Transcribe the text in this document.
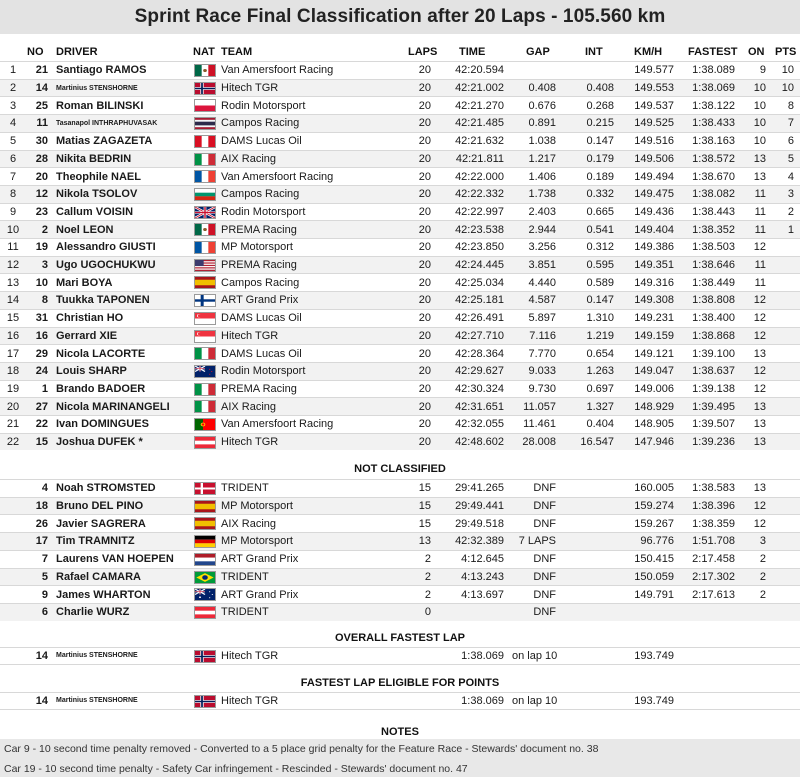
Sprint Race Final Classification after 20 Laps - 105.560 km
NO	DRIVER	NAT TEAM	LAPS TIME	GAP	INT	KM/H	FASTEST ON PTS
1	21 Santiago RAMOS	Van Amersfoort Racing	20	42:20.594	149.577	1:38.089	9	10
2	14 Martinius STENSHORNE	Hitech TGR	20	42:21.002	0.408	0.408	149.553	1:38.069	10	10
3	25 Roman BILINSKI	Rodin Motorsport	20	42:21.270	0.676	0.268	149.537	1:38.122	10	8
4	11 Tasanapol INTHRAPHUVASAK	Campos Racing	20	42:21.485	0.891	0.215	149.525	1:38.433	10	7
5	30 Matias ZAGAZETA	DAMS Lucas Oil	20	42:21.632	1.038	0.147	149.516	1:38.163	10	6
6	28 Nikita BEDRIN	AIX Racing	20	42:21.811	1.217	0.179	149.506	1:38.572	13	5
7	20 Theophile NAEL	Van Amersfoort Racing	20	42:22.000	1.406	0.189	149.494	1:38.670	13	4
8	12 Nikola TSOLOV	Campos Racing	20	42:22.332	1.738	0.332	149.475	1:38.082	11	3
9	23 Callum VOISIN	Rodin Motorsport	20	42:22.997	2.403	0.665	149.436	1:38.443	11	2
10	2 Noel LEON	PREMA Racing	20	42:23.538	2.944	0.541	149.404	1:38.352	11	1
11	19 Alessandro GIUSTI	MP Motorsport	20	42:23.850	3.256	0.312	149.386	1:38.503	12
12	3 Ugo UGOCHUKWU	PREMA Racing	20	42:24.445	3.851	0.595	149.351	1:38.646	11
13	10 Mari BOYA	Campos Racing	20	42:25.034	4.440	0.589	149.316	1:38.449	11
14	8 Tuukka TAPONEN	ART Grand Prix	20	42:25.181	4.587	0.147	149.308	1:38.808	12
15	31 Christian HO	DAMS Lucas Oil	20	42:26.491	5.897	1.310	149.231	1:38.400	12
16	16 Gerrard XIE	Hitech TGR	20	42:27.710	7.116	1.219	149.159	1:38.868	12
17	29 Nicola LACORTE	DAMS Lucas Oil	20	42:28.364	7.770	0.654	149.121	1:39.100	13
18	24 Louis SHARP	Rodin Motorsport	20	42:29.627	9.033	1.263	149.047	1:38.637	12
19	1 Brando BADOER	PREMA Racing	20	42:30.324	9.730	0.697	149.006	1:39.138	12
20	27 Nicola MARINANGELI	AIX Racing	20	42:31.651	11.057	1.327	148.929	1:39.495	13
21	22 Ivan DOMINGUES	Van Amersfoort Racing	20	42:32.055	11.461	0.404	148.905	1:39.507	13
22	15 Joshua DUFEK *	Hitech TGR	20	42:48.602	28.008	16.547	147.946	1:39.236	13
NOT CLASSIFIED
4 Noah STROMSTED	TRIDENT	15	29:41.265	DNF	160.005	1:38.583	13
18 Bruno DEL PINO	MP Motorsport	15	29:49.441	DNF	159.274	1:38.396	12
26 Javier SAGRERA	AIX Racing	15	29:49.518	DNF	159.267	1:38.359	12
17 Tim TRAMNITZ	MP Motorsport	13	42:32.389	7 LAPS	96.776	1:51.708	3
7 Laurens VAN HOEPEN	ART Grand Prix	2	4:12.645	DNF	150.415	2:17.458	2
5 Rafael CAMARA	TRIDENT	2	4:13.243	DNF	150.059	2:17.302	2
9 James WHARTON	ART Grand Prix	2	4:13.697	DNF	149.791	2:17.613	2
6 Charlie WURZ	TRIDENT	0	DNF
OVERALL FASTEST LAP
14 Martinius STENSHORNE	Hitech TGR	1:38.069 on lap 10	193.749
FASTEST LAP ELIGIBLE FOR POINTS
14 Martinius STENSHORNE	Hitech TGR	1:38.069 on lap 10	193.749
NOTES
Car 9 - 10 second time penalty removed - Converted to a 5 place grid penalty for the Feature Race - Stewards' document no. 38
Car 19 - 10 second time penalty - Safety Car infringement - Rescinded - Stewards' document no. 47
